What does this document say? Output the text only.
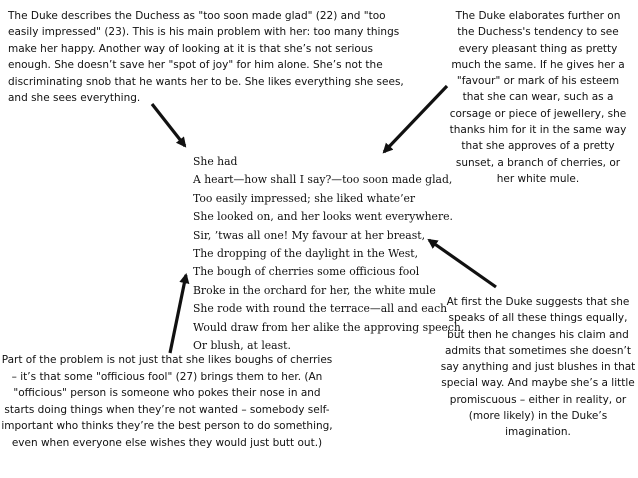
The Duke describes the Duchess as "too soon made glad" (22) and "too easily impressed" (23). This is his main problem with her: too many things make her happy. Another way of looking at it is that she’s not serious enough. She doesn’t save her "spot of joy" for him alone. She’s not the discriminating snob that he wants her to be. She likes everything she sees, and she sees everything.
The Duke elaborates further on the Duchess's tendency to see every pleasant thing as pretty much the same. If he gives her a "favour" or mark of his esteem that she can wear, such as a corsage or piece of jewellery, she thanks him for it in the same way that she approves of a pretty sunset, a branch of cherries, or her white mule.
She had
A heart—how shall I say?—too soon made glad,
Too easily impressed; she liked whate’er
She looked on, and her looks went everywhere.
Sir, ’twas all one! My favour at her breast,
The dropping of the daylight in the West,
The bough of cherries some officious fool
Broke in the orchard for her, the white mule
She rode with round the terrace—all and each
Would draw from her alike the approving speech,
Or blush, at least.
At first the Duke suggests that she speaks of all these things equally, but then he changes his claim and admits that sometimes she doesn’t say anything and just blushes in that special way. And maybe she’s a little promiscuous – either in reality, or (more likely) in the Duke’s imagination.
Part of the problem is not just that she likes boughs of cherries – it’s that some "officious fool" (27) brings them to her. (An "officious" person is someone who pokes their nose in and starts doing things when they’re not wanted – somebody self-important who thinks they’re the best person to do something, even when everyone else wishes they would just butt out.)
